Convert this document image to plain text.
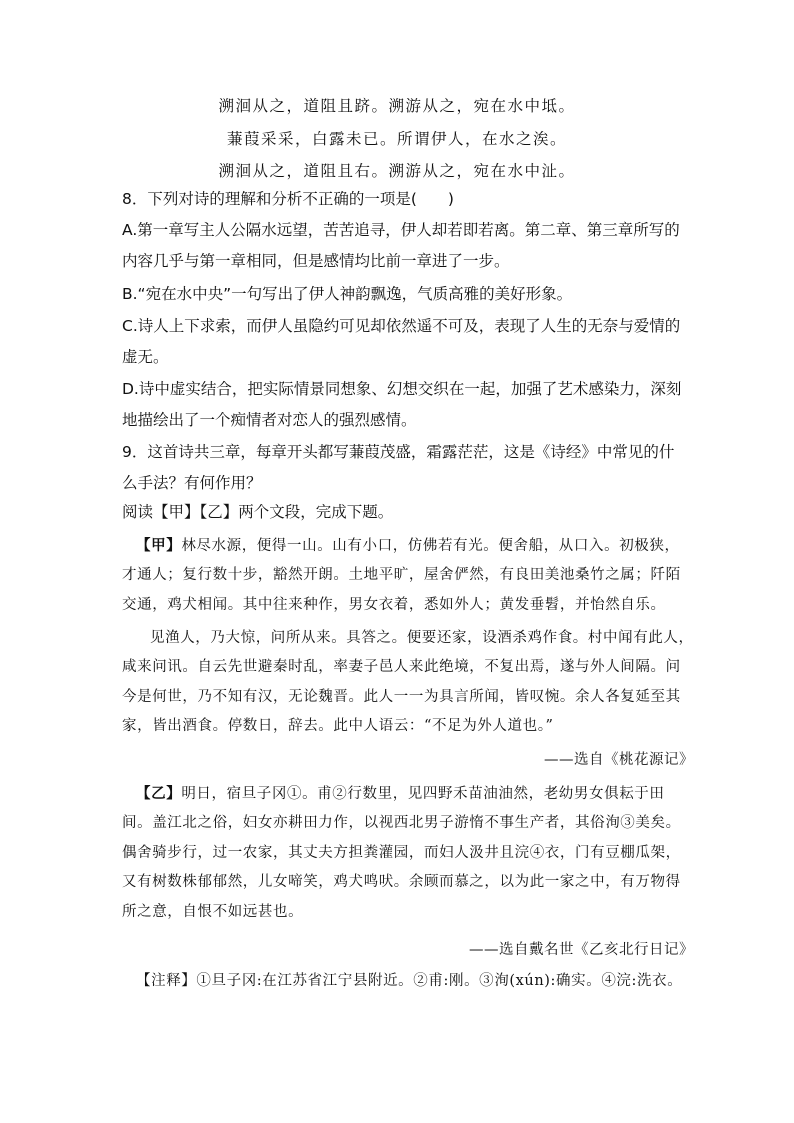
溯洄从之，道阻且跻。溯游从之，宛在水中坻。
蒹葭采采，白露未已。所谓伊人，在水之涘。
溯洄从之，道阻且右。溯游从之，宛在水中沚。

8．下列对诗的理解和分析不正确的一项是(　　)

A.第一章写主人公隔水远望，苦苦追寻，伊人却若即若离。第二章、第三章所写的内容几乎与第一章相同，但是感情均比前一章进了一步。

B.“宛在水中央”一句写出了伊人神韵飘逸，气质高雅的美好形象。

C.诗人上下求索，而伊人虽隐约可见却依然遥不可及，表现了人生的无奈与爱情的虚无。

D.诗中虚实结合，把实际情景同想象、幻想交织在一起，加强了艺术感染力，深刻地描绘出了一个痴情者对恋人的强烈感情。

9．这首诗共三章，每章开头都写蒹葭茂盛，霜露茫茫，这是《诗经》中常见的什么手法？有何作用？

阅读【甲】【乙】两个文段，完成下题。

【甲】林尽水源，便得一山。山有小口，仿佛若有光。便舍船，从口入。初极狭，才通人；复行数十步，豁然开朗。土地平旷，屋舍俨然，有良田美池桑竹之属；阡陌交通，鸡犬相闻。其中往来种作，男女衣着，悉如外人；黄发垂髫，并怡然自乐。

见渔人，乃大惊，问所从来。具答之。便要还家，设酒杀鸡作食。村中闻有此人，咸来问讯。自云先世避秦时乱，率妻子邑人来此绝境，不复出焉，遂与外人间隔。问今是何世，乃不知有汉，无论魏晋。此人一一为具言所闻，皆叹惋。余人各复延至其家，皆出酒食。停数日，辞去。此中人语云：“不足为外人道也。”

——选自《桃花源记》

【乙】明日，宿旦子冈①。甫②行数里，见四野禾苗油油然，老幼男女俱耘于田间。盖江北之俗，妇女亦耕田力作，以视西北男子游惰不事生产者，其俗洵③美矣。偶舍骑步行，过一农家，其丈夫方担粪灌园，而妇人汲井且浣④衣，门有豆棚瓜架，又有树数株郁郁然，儿女啼笑，鸡犬鸣吠。余顾而慕之，以为此一家之中，有万物得所之意，自恨不如远甚也。

——选自戴名世《乙亥北行日记》

【注释】①旦子冈:在江苏省江宁县附近。②甫:刚。③洵(xún):确实。④浣:洗衣。
